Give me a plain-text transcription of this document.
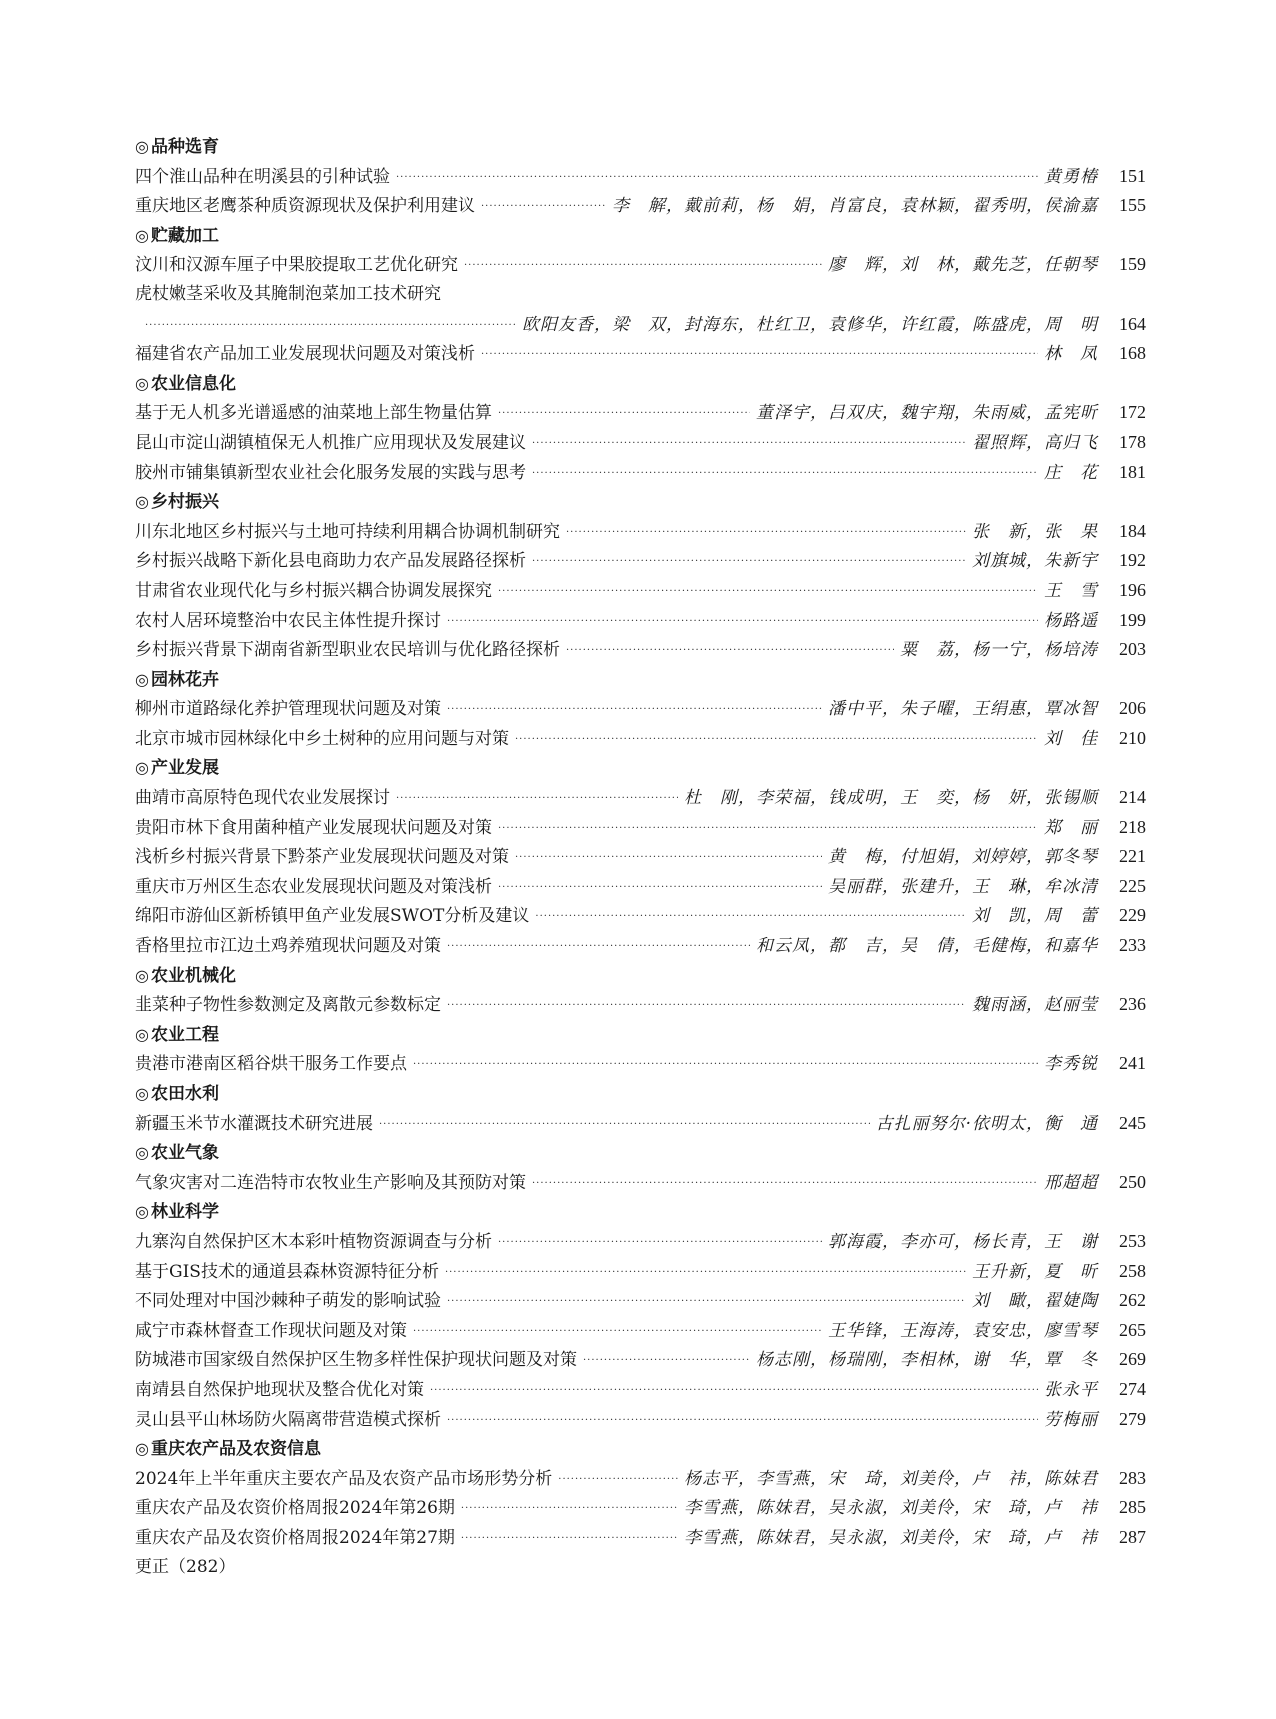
◎ 品种选育
四个淮山品种在明溪县的引种试验 ·····	黄勇椿	151
重庆地区老鹰茶种质资源现状及保护利用建议 ·····	李　解，戴前莉，杨　娟，肖富良，袁林颖，翟秀明，侯渝嘉	155
◎ 贮藏加工
汶川和汉源车厘子中果胶提取工艺优化研究 ·····	廖　辉，刘　林，戴先芝，任朝琴	159
虎杖嫩茎采收及其腌制泡菜加工技术研究
·····
欧阳友香，梁　双，封海东，杜红卫，袁修华，许红霞，陈盛虎，周　明	164
福建省农产品加工业发展现状问题及对策浅析 ·····	林　凤	168
◎ 农业信息化
基于无人机多光谱遥感的油菜地上部生物量估算 ·····	董泽宇，吕双庆，魏宇翔，朱雨威，孟宪昕	172
昆山市淀山湖镇植保无人机推广应用现状及发展建议 ·····	翟照辉，高归飞	178
胶州市铺集镇新型农业社会化服务发展的实践与思考 ·····	庄　花	181
◎ 乡村振兴
川东北地区乡村振兴与土地可持续利用耦合协调机制研究 ·····	张　新，张　果	184
乡村振兴战略下新化县电商助力农产品发展路径探析 ·····	刘旗城，朱新宇	192
甘肃省农业现代化与乡村振兴耦合协调发展探究 ·····	王　雪	196
农村人居环境整治中农民主体性提升探讨 ·····	杨路遥	199
乡村振兴背景下湖南省新型职业农民培训与优化路径探析 ·····	粟　荔，杨一宁，杨培涛	203
◎ 园林花卉
柳州市道路绿化养护管理现状问题及对策 ·····	潘中平，朱子曜，王绢惠，覃冰智	206
北京市城市园林绿化中乡土树种的应用问题与对策 ·····	刘　佳	210
◎ 产业发展
曲靖市高原特色现代农业发展探讨 ·····	杜　刚，李荣福，钱成明，王　奕，杨　妍，张锡顺	214
贵阳市林下食用菌种植产业发展现状问题及对策 ·····	郑　丽	218
浅析乡村振兴背景下黔茶产业发展现状问题及对策 ·····	黄　梅，付旭娟，刘婷婷，郭冬琴	221
重庆市万州区生态农业发展现状问题及对策浅析 ·····	吴丽群，张建升，王　琳，牟冰清	225
绵阳市游仙区新桥镇甲鱼产业发展SWOT分析及建议 ·····	刘　凯，周　蕾	229
香格里拉市江边土鸡养殖现状问题及对策 ·····	和云凤，都　吉，吴　倩，毛健梅，和嘉华	233
◎ 农业机械化
韭菜种子物性参数测定及离散元参数标定 ·····	魏雨涵，赵丽莹	236
◎ 农业工程
贵港市港南区稻谷烘干服务工作要点 ·····	李秀锐	241
◎ 农田水利
新疆玉米节水灌溉技术研究进展 ·····	古扎丽努尔·依明太，衡　通	245
◎ 农业气象
气象灾害对二连浩特市农牧业生产影响及其预防对策 ·····	邢超超	250
◎ 林业科学
九寨沟自然保护区木本彩叶植物资源调查与分析 ·····	郭海霞，李亦可，杨长青，王　谢	253
基于GIS技术的通道县森林资源特征分析 ·····	王升新，夏　昕	258
不同处理对中国沙棘种子萌发的影响试验 ·····	刘　瞰，翟婕陶	262
咸宁市森林督查工作现状问题及对策 ·····	王华锋，王海涛，袁安忠，廖雪琴	265
防城港市国家级自然保护区生物多样性保护现状问题及对策 ·····	杨志刚，杨瑞刚，李相林，谢　华，覃　冬	269
南靖县自然保护地现状及整合优化对策 ·····	张永平	274
灵山县平山林场防火隔离带营造模式探析 ·····	劳梅丽	279
◎ 重庆农产品及农资信息
2024年上半年重庆主要农产品及农资产品市场形势分析 ·····	杨志平，李雪燕，宋　琦，刘美伶，卢　祎，陈妹君	283
重庆农产品及农资价格周报2024年第26期 ·····	李雪燕，陈妹君，吴永淑，刘美伶，宋　琦，卢　祎	285
重庆农产品及农资价格周报2024年第27期 ·····	李雪燕，陈妹君，吴永淑，刘美伶，宋　琦，卢　祎	287
更正（282）
